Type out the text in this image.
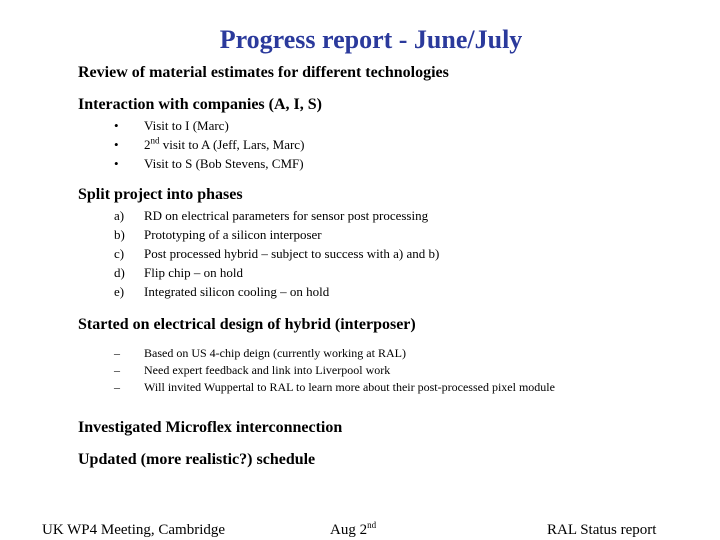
Progress report - June/July
Review of material estimates for different technologies
Interaction with companies (A, I, S)
• Visit to I (Marc)
• 2nd visit to A (Jeff, Lars, Marc)
• Visit to S (Bob Stevens, CMF)
Split project into phases
a) RD on electrical parameters for sensor post processing
b) Prototyping of a silicon interposer
c) Post processed hybrid – subject to success with a) and b)
d) Flip chip – on hold
e) Integrated silicon cooling – on hold
Started on electrical design of hybrid (interposer)
– Based on US 4-chip deign (currently working at RAL)
– Need expert feedback and link into Liverpool work
– Will invited Wuppertal to RAL to learn more about their post-processed pixel module
Investigated Microflex interconnection
Updated (more realistic?) schedule
UK WP4 Meeting, Cambridge	Aug 2nd	RAL Status report
